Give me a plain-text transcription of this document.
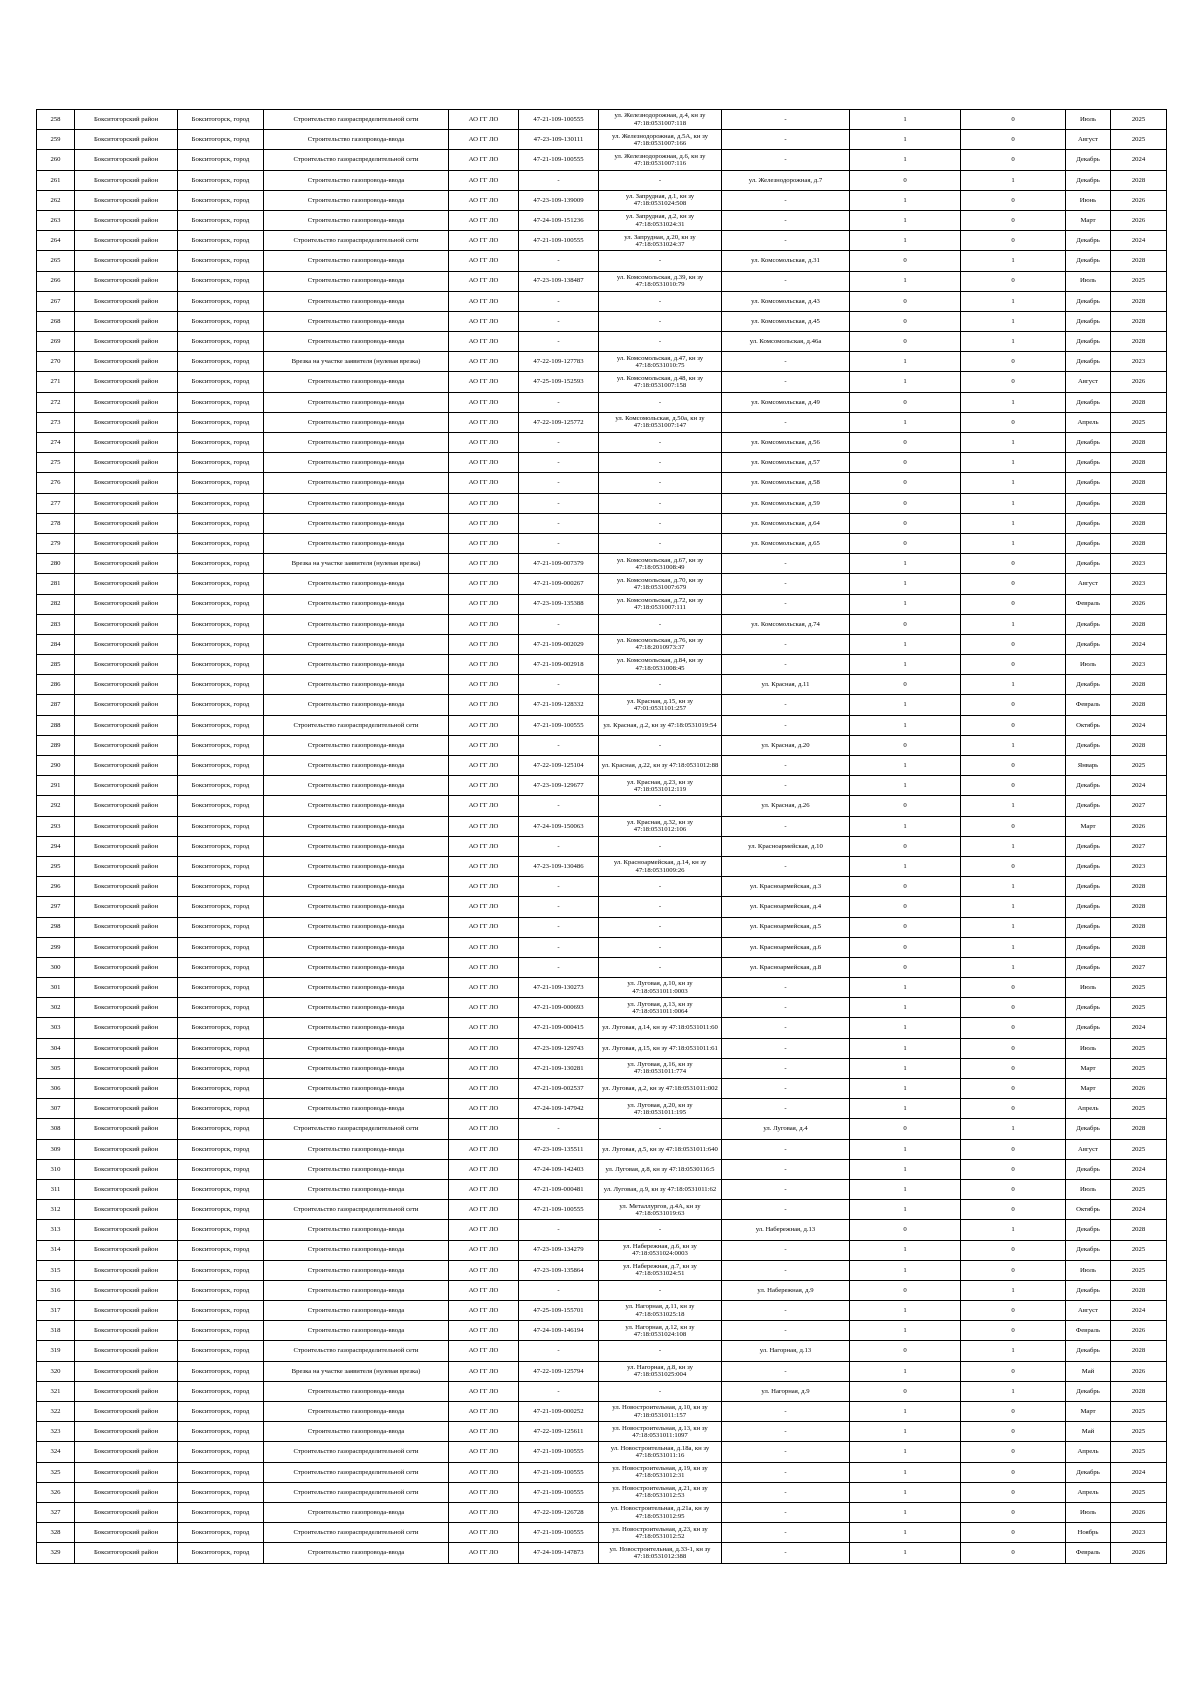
258	Бокситогорский район	Бокситогорск, город	Строительство газораспределительной сети	АО ГГ ЛО	47-21-109-100555	ул. Железнодорожная, д.4, кн зу 47:18:0531007:118	-	1	0	Июль	2025
259	Бокситогорский район	Бокситогорск, город	Строительство газопровода-ввода	АО ГГ ЛО	47-23-109-130111	ул. Железнодорожная, д.5А, кн зу 47:18:0531007:166	-	1	0	Август	2025
260	Бокситогорский район	Бокситогорск, город	Строительство газораспределительной сети	АО ГГ ЛО	47-21-109-100555	ул. Железнодорожная, д.6, кн зу 47:18:0531007:116	-	1	0	Декабрь	2024
261	Бокситогорский район	Бокситогорск, город	Строительство газопровода-ввода	АО ГГ ЛО	-	-	ул. Железнодорожная, д.7	0	1	Декабрь	2028
262	Бокситогорский район	Бокситогорск, город	Строительство газопровода-ввода	АО ГГ ЛО	47-23-109-139009	ул. Запрудная, д.1, кн зу 47:18:0531024:508	-	1	0	Июнь	2026
263	Бокситогорский район	Бокситогорск, город	Строительство газопровода-ввода	АО ГГ ЛО	47-24-109-151236	ул. Запрудная, д.2, кн зу 47:18:0531024:31	-	1	0	Март	2026
264	Бокситогорский район	Бокситогорск, город	Строительство газораспределительной сети	АО ГГ ЛО	47-21-109-100555	ул. Запрудная, д.20, кн зу 47:18:0531024:37	-	1	0	Декабрь	2024
265	Бокситогорский район	Бокситогорск, город	Строительство газопровода-ввода	АО ГГ ЛО	-	-	ул. Комсомольская, д.31	0	1	Декабрь	2028
266	Бокситогорский район	Бокситогорск, город	Строительство газопровода-ввода	АО ГГ ЛО	47-23-109-138487	ул. Комсомольская, д.39, кн зу 47:18:0531010:79	-	1	0	Июль	2025
267	Бокситогорский район	Бокситогорск, город	Строительство газопровода-ввода	АО ГГ ЛО	-	-	ул. Комсомольская, д.43	0	1	Декабрь	2028
268	Бокситогорский район	Бокситогорск, город	Строительство газопровода-ввода	АО ГГ ЛО	-	-	ул. Комсомольская, д.45	0	1	Декабрь	2028
269	Бокситогорский район	Бокситогорск, город	Строительство газопровода-ввода	АО ГГ ЛО	-	-	ул. Комсомольская, д.46а	0	1	Декабрь	2028
270	Бокситогорский район	Бокситогорск, город	Врезка на участке заявителя (нулевая врезка)	АО ГГ ЛО	47-22-109-127783	ул. Комсомольская, д.47, кн зу 47:18:0531010:75	-	1	0	Декабрь	2023
271	Бокситогорский район	Бокситогорск, город	Строительство газопровода-ввода	АО ГГ ЛО	47-25-109-152593	ул. Комсомольская, д.48, кн зу 47:18:0531007:158	-	1	0	Август	2026
272	Бокситогорский район	Бокситогорск, город	Строительство газопровода-ввода	АО ГГ ЛО	-	-	ул. Комсомольская, д.49	0	1	Декабрь	2028
273	Бокситогорский район	Бокситогорск, город	Строительство газопровода-ввода	АО ГГ ЛО	47-22-109-125772	ул. Комсомольская, д.50а, кн зу 47:18:0531007:147	-	1	0	Апрель	2025
274	Бокситогорский район	Бокситогорск, город	Строительство газопровода-ввода	АО ГГ ЛО	-	-	ул. Комсомольская, д.56	0	1	Декабрь	2028
275	Бокситогорский район	Бокситогорск, город	Строительство газопровода-ввода	АО ГГ ЛО	-	-	ул. Комсомольская, д.57	0	1	Декабрь	2028
276	Бокситогорский район	Бокситогорск, город	Строительство газопровода-ввода	АО ГГ ЛО	-	-	ул. Комсомольская, д.58	0	1	Декабрь	2028
277	Бокситогорский район	Бокситогорск, город	Строительство газопровода-ввода	АО ГГ ЛО	-	-	ул. Комсомольская, д.59	0	1	Декабрь	2028
278	Бокситогорский район	Бокситогорск, город	Строительство газопровода-ввода	АО ГГ ЛО	-	-	ул. Комсомольская, д.64	0	1	Декабрь	2028
279	Бокситогорский район	Бокситогорск, город	Строительство газопровода-ввода	АО ГГ ЛО	-	-	ул. Комсомольская, д.65	0	1	Декабрь	2028
280	Бокситогорский район	Бокситогорск, город	Врезка на участке заявителя (нулевая врезка)	АО ГГ ЛО	47-21-109-007379	ул. Комсомольская, д.67, кн зу 47:18:0531008:49	-	1	0	Декабрь	2023
281	Бокситогорский район	Бокситогорск, город	Строительство газопровода-ввода	АО ГГ ЛО	47-21-109-000267	ул. Комсомольская, д.70, кн зу 47:18:0531007:679	-	1	0	Август	2023
282	Бокситогорский район	Бокситогорск, город	Строительство газопровода-ввода	АО ГГ ЛО	47-23-109-135388	ул. Комсомольская, д.72, кн зу 47:18:0531007:111	-	1	0	Февраль	2026
283	Бокситогорский район	Бокситогорск, город	Строительство газопровода-ввода	АО ГГ ЛО	-	-	ул. Комсомольская, д.74	0	1	Декабрь	2028
284	Бокситогорский район	Бокситогорск, город	Строительство газопровода-ввода	АО ГГ ЛО	47-21-109-002029	ул. Комсомольская, д.76, кн зу 47:18:2010973:37	-	1	0	Декабрь	2024
285	Бокситогорский район	Бокситогорск, город	Строительство газопровода-ввода	АО ГГ ЛО	47-21-109-002918	ул. Комсомольская, д.84, кн зу 47:18:0531008:45	-	1	0	Июль	2023
286	Бокситогорский район	Бокситогорск, город	Строительство газопровода-ввода	АО ГГ ЛО	-	-	ул. Красная, д.11	0	1	Декабрь	2028
287	Бокситогорский район	Бокситогорск, город	Строительство газопровода-ввода	АО ГГ ЛО	47-21-109-128332	ул. Красная, д.15, кн зу 47:01:0531101:257	-	1	0	Февраль	2028
288	Бокситогорский район	Бокситогорск, город	Строительство газораспределительной сети	АО ГГ ЛО	47-21-109-100555	ул. Красная, д.2, кн зу 47:18:0531019:54	-	1	0	Октябрь	2024
289	Бокситогорский район	Бокситогорск, город	Строительство газопровода-ввода	АО ГГ ЛО	-	-	ул. Красная, д.20	0	1	Декабрь	2028
290	Бокситогорский район	Бокситогорск, город	Строительство газопровода-ввода	АО ГГ ЛО	47-22-109-125104	ул. Красная, д.22, кн зу 47:18:0531012:88	-	1	0	Январь	2025
291	Бокситогорский район	Бокситогорск, город	Строительство газопровода-ввода	АО ГГ ЛО	47-23-109-129677	ул. Красная, д.23, кн зу 47:18:0531012:119	-	1	0	Декабрь	2024
292	Бокситогорский район	Бокситогорск, город	Строительство газопровода-ввода	АО ГГ ЛО	-	-	ул. Красная, д.26	0	1	Декабрь	2027
293	Бокситогорский район	Бокситогорск, город	Строительство газопровода-ввода	АО ГГ ЛО	47-24-109-150063	ул. Красная, д.32, кн зу 47:18:0531012:106	-	1	0	Март	2026
294	Бокситогорский район	Бокситогорск, город	Строительство газопровода-ввода	АО ГГ ЛО	-	-	ул. Красноармейская, д.10	0	1	Декабрь	2027
295	Бокситогорский район	Бокситогорск, город	Строительство газопровода-ввода	АО ГГ ЛО	47-23-109-130486	ул. Красноармейская, д.14, кн зу 47:18:0531009:26	-	1	0	Декабрь	2023
296	Бокситогорский район	Бокситогорск, город	Строительство газопровода-ввода	АО ГГ ЛО	-	-	ул. Красноармейская, д.3	0	1	Декабрь	2028
297	Бокситогорский район	Бокситогорск, город	Строительство газопровода-ввода	АО ГГ ЛО	-	-	ул. Красноармейская, д.4	0	1	Декабрь	2028
298	Бокситогорский район	Бокситогорск, город	Строительство газопровода-ввода	АО ГГ ЛО	-	-	ул. Красноармейская, д.5	0	1	Декабрь	2028
299	Бокситогорский район	Бокситогорск, город	Строительство газопровода-ввода	АО ГГ ЛО	-	-	ул. Красноармейская, д.6	0	1	Декабрь	2028
300	Бокситогорский район	Бокситогорск, город	Строительство газопровода-ввода	АО ГГ ЛО	-	-	ул. Красноармейская, д.8	0	1	Декабрь	2027
301	Бокситогорский район	Бокситогорск, город	Строительство газопровода-ввода	АО ГГ ЛО	47-21-109-130273	ул. Луговая, д.10, кн зу 47:18:0531011:0003	-	1	0	Июль	2025
302	Бокситогорский район	Бокситогорск, город	Строительство газопровода-ввода	АО ГГ ЛО	47-21-109-000693	ул. Луговая, д.13, кн зу 47:18:0531011:0064	-	1	0	Декабрь	2025
303	Бокситогорский район	Бокситогорск, город	Строительство газопровода-ввода	АО ГГ ЛО	47-21-109-000415	ул. Луговая, д.14, кн зу 47:18:0531011:60	-	1	0	Декабрь	2024
304	Бокситогорский район	Бокситогорск, город	Строительство газопровода-ввода	АО ГГ ЛО	47-23-109-129743	ул. Луговая, д.15, кн зу 47:18:0531011:61	-	1	0	Июль	2025
305	Бокситогорский район	Бокситогорск, город	Строительство газопровода-ввода	АО ГГ ЛО	47-21-109-130281	ул. Луговая, д.16, кн зу 47:18:0531011:774	-	1	0	Март	2025
306	Бокситогорский район	Бокситогорск, город	Строительство газопровода-ввода	АО ГГ ЛО	47-21-109-002537	ул. Луговая, д.2, кн зу 47:18:0531011:002	-	1	0	Март	2026
307	Бокситогорский район	Бокситогорск, город	Строительство газопровода-ввода	АО ГГ ЛО	47-24-109-147942	ул. Луговая, д.20, кн зу 47:18:0531011:195	-	1	0	Апрель	2025
308	Бокситогорский район	Бокситогорск, город	Строительство газораспределительной сети	АО ГГ ЛО	-	-	ул. Луговая, д.4	0	1	Декабрь	2028
309	Бокситогорский район	Бокситогорск, город	Строительство газопровода-ввода	АО ГГ ЛО	47-23-109-135511	ул. Луговая, д.5, кн зу 47:18:0531011:640	-	1	0	Август	2025
310	Бокситогорский район	Бокситогорск, город	Строительство газопровода-ввода	АО ГГ ЛО	47-24-109-142403	ул. Луговая, д.8, кн зу 47:18:0530116:5	-	1	0	Декабрь	2024
311	Бокситогорский район	Бокситогорск, город	Строительство газопровода-ввода	АО ГГ ЛО	47-21-109-000481	ул. Луговая, д.9, кн зу 47:18:0531011:62	-	1	0	Июль	2025
312	Бокситогорский район	Бокситогорск, город	Строительство газораспределительной сети	АО ГГ ЛО	47-21-109-100555	ул. Металлургов, д.4А, кн зу 47:18:0531019:63	-	1	0	Октябрь	2024
313	Бокситогорский район	Бокситогорск, город	Строительство газопровода-ввода	АО ГГ ЛО	-	-	ул. Набережная, д.13	0	1	Декабрь	2028
314	Бокситогорский район	Бокситогорск, город	Строительство газопровода-ввода	АО ГГ ЛО	47-23-109-134279	ул. Набережная, д.6, кн зу 47:18:0531024:0003	-	1	0	Декабрь	2025
315	Бокситогорский район	Бокситогорск, город	Строительство газопровода-ввода	АО ГГ ЛО	47-23-109-135864	ул. Набережная, д.7, кн зу 47:18:0531024:51	-	1	0	Июль	2025
316	Бокситогорский район	Бокситогорск, город	Строительство газопровода-ввода	АО ГГ ЛО	-	-	ул. Набережная, д.9	0	1	Декабрь	2028
317	Бокситогорский район	Бокситогорск, город	Строительство газопровода-ввода	АО ГГ ЛО	47-25-109-155701	ул. Нагорная, д.11, кн зу 47:18:0531025:18	-	1	0	Август	2024
318	Бокситогорский район	Бокситогорск, город	Строительство газопровода-ввода	АО ГГ ЛО	47-24-109-146194	ул. Нагорная, д.12, кн зу 47:18:0531024:108	-	1	0	Февраль	2026
319	Бокситогорский район	Бокситогорск, город	Строительство газораспределительной сети	АО ГГ ЛО	-	-	ул. Нагорная, д.13	0	1	Декабрь	2028
320	Бокситогорский район	Бокситогорск, город	Врезка на участке заявителя (нулевая врезка)	АО ГГ ЛО	47-22-109-125794	ул. Нагорная, д.8, кн зу 47:18:0531025:004	-	1	0	Май	2026
321	Бокситогорский район	Бокситогорск, город	Строительство газопровода-ввода	АО ГГ ЛО	-	-	ул. Нагорная, д.9	0	1	Декабрь	2028
322	Бокситогорский район	Бокситогорск, город	Строительство газопровода-ввода	АО ГГ ЛО	47-21-109-000252	ул. Новостроительная, д.10, кн зу 47:18:0531011:157	-	1	0	Март	2025
323	Бокситогорский район	Бокситогорск, город	Строительство газопровода-ввода	АО ГГ ЛО	47-22-109-125611	ул. Новостроительная, д.13, кн зу 47:18:0531011:1097	-	1	0	Май	2025
324	Бокситогорский район	Бокситогорск, город	Строительство газораспределительной сети	АО ГГ ЛО	47-21-109-100555	ул. Новостроительная, д.18а, кн зу 47:18:0531011:16	-	1	0	Апрель	2025
325	Бокситогорский район	Бокситогорск, город	Строительство газораспределительной сети	АО ГГ ЛО	47-21-109-100555	ул. Новостроительная, д.19, кн зу 47:18:0531012:31	-	1	0	Декабрь	2024
326	Бокситогорский район	Бокситогорск, город	Строительство газораспределительной сети	АО ГГ ЛО	47-21-109-100555	ул. Новостроительная, д.21, кн зу 47:18:0531012:53	-	1	0	Апрель	2025
327	Бокситогорский район	Бокситогорск, город	Строительство газопровода-ввода	АО ГГ ЛО	47-22-109-126728	ул. Новостроительная, д.21а, кн зу 47:18:0531012:95	-	1	0	Июль	2026
328	Бокситогорский район	Бокситогорск, город	Строительство газораспределительной сети	АО ГГ ЛО	47-21-109-100555	ул. Новостроительная, д.23, кн зу 47:18:0531012:52	-	1	0	Ноябрь	2023
329	Бокситогорский район	Бокситогорск, город	Строительство газопровода-ввода	АО ГГ ЛО	47-24-109-147873	ул. Новостроительная, д.33-1, кн зу 47:18:0531012:388	-	1	0	Февраль	2026
